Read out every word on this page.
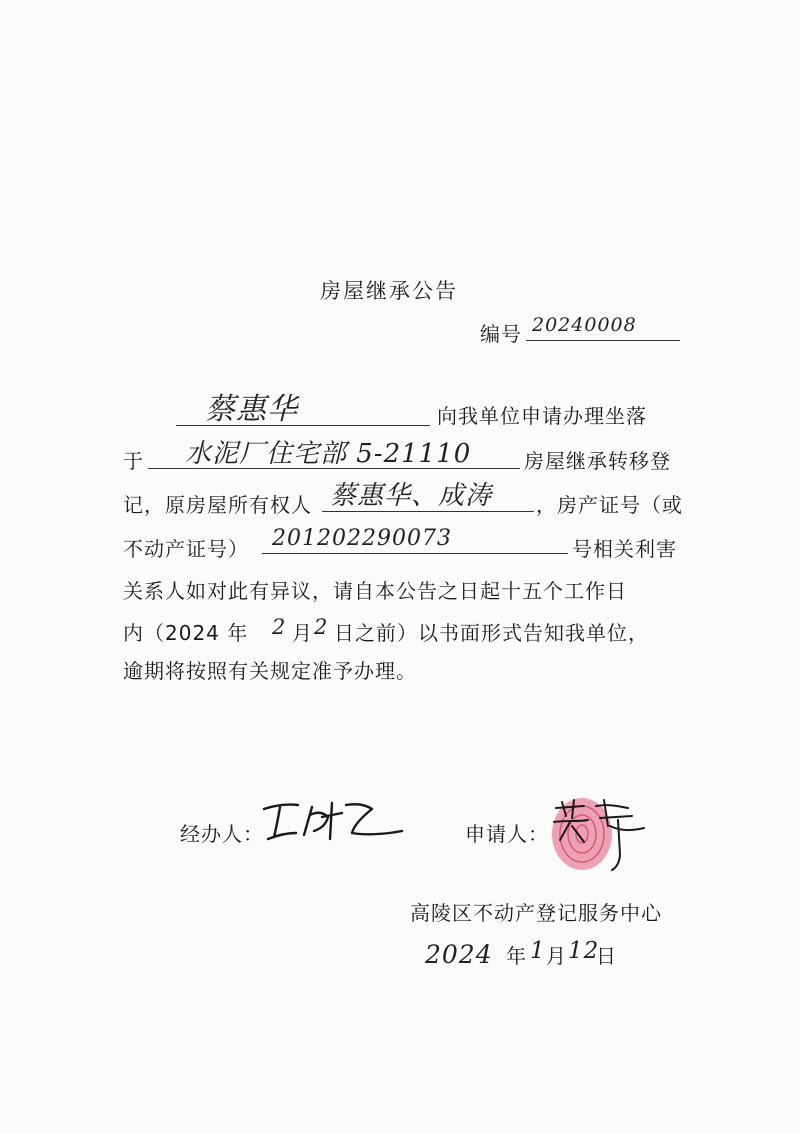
房屋继承公告
编号 20240008
蔡惠华	向我单位申请办理坐落
于 水泥厂住宅部 5-21110	房屋继承转移登
记，原房屋所有权人 蔡惠华、成涛 ，房产证号（或
不动产证号） 201202290073	号相关利害
关系人如对此有异议，请自本公告之日起十五个工作日
内（2024 年 2 月 2 日之前）以书面形式告知我单位，
逾期将按照有关规定准予办理。
经办人：	申请人：
高陵区不动产登记服务中心
2024 年 1 月 12
日
